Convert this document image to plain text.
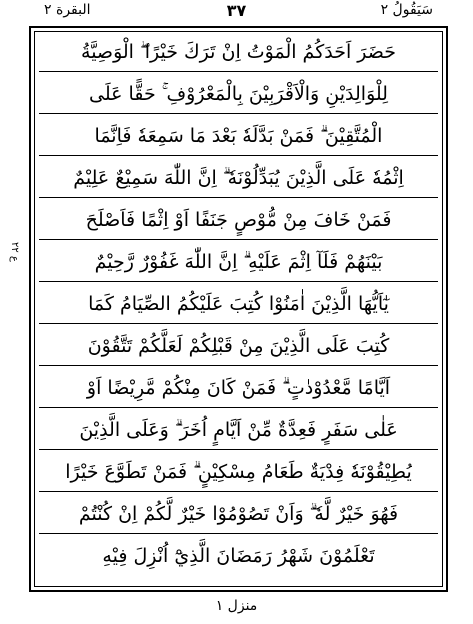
سَيَقُولُ ٢
٣٧
البقرة ٢
ع ٢٢
حَضَرَ اَحَدَكُمُ الْمَوْتُ اِنْ تَرَكَ خَيْرًا ۖ الْوَصِيَّةُ
لِلْوَالِدَيْنِ وَالْاَقْرَبِيْنَ بِالْمَعْرُوْفِ ۚ حَقًّا عَلَى
الْمُتَّقِيْنَ ۗ فَمَنْ بَدَّلَهٗ بَعْدَ مَا سَمِعَهٗ فَاِنَّمَا
اِثْمُهٗ عَلَى الَّذِيْنَ يُبَدِّلُوْنَهٗ ۗ اِنَّ اللّٰهَ سَمِيْعٌ عَلِيْمٌ
فَمَنْ خَافَ مِنْ مُّوْصٍ جَنَفًا اَوْ اِثْمًا فَاَصْلَحَ
بَيْنَهُمْ فَلَآ اِثْمَ عَلَيْهِ ۗ اِنَّ اللّٰهَ غَفُوْرٌ رَّحِيْمٌ
يٰٓاَيُّهَا الَّذِيْنَ اٰمَنُوْا كُتِبَ عَلَيْكُمُ الصِّيَامُ كَمَا
كُتِبَ عَلَى الَّذِيْنَ مِنْ قَبْلِكُمْ لَعَلَّكُمْ تَتَّقُوْنَ
اَيَّامًا مَّعْدُوْدٰتٍ ۗ فَمَنْ كَانَ مِنْكُمْ مَّرِيْضًا اَوْ
عَلٰى سَفَرٍ فَعِدَّةٌ مِّنْ اَيَّامٍ اُخَرَ ۗ وَعَلَى الَّذِيْنَ
يُطِيْقُوْنَهٗ فِدْيَةٌ طَعَامُ مِسْكِيْنٍ ۗ فَمَنْ تَطَوَّعَ خَيْرًا
فَهُوَ خَيْرٌ لَّهٗ ۗ وَاَنْ تَصُوْمُوْا خَيْرٌ لَّكُمْ اِنْ كُنْتُمْ
تَعْلَمُوْنَ شَهْرُ رَمَضَانَ الَّذِيْٓ اُنْزِلَ فِيْهِ
منزل ١
